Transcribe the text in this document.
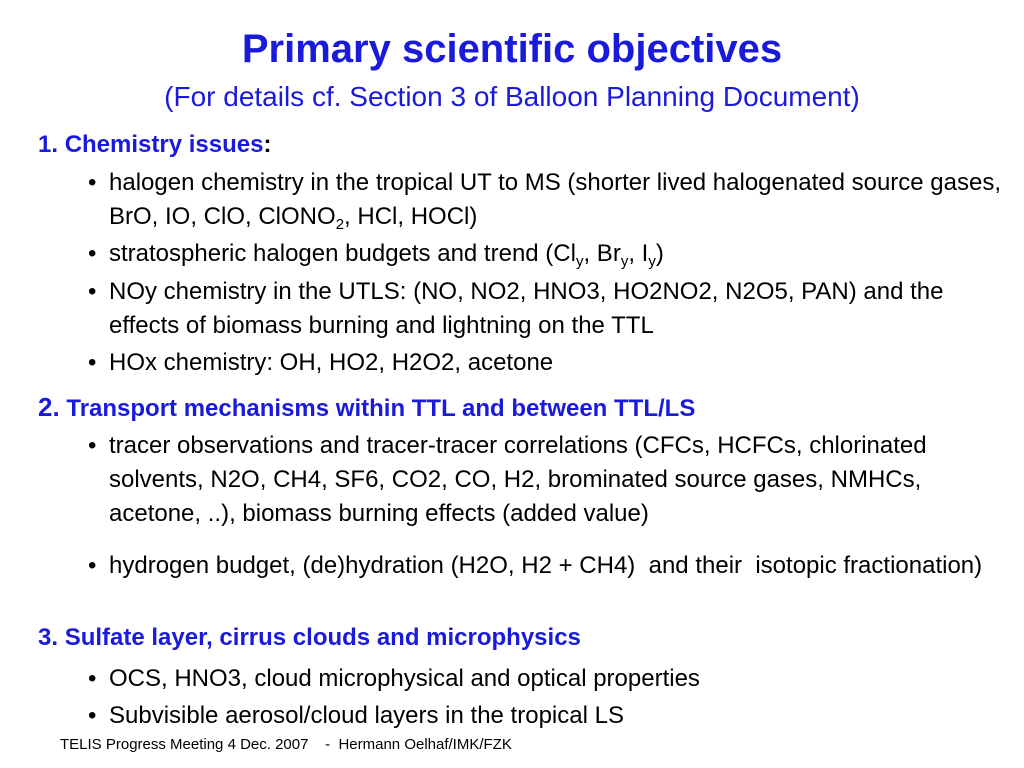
Primary scientific objectives
(For details cf. Section 3 of Balloon Planning Document)
1. Chemistry issues:
• halogen chemistry in the tropical UT to MS (shorter lived halogenated source gases, BrO, IO, ClO, ClONO$_2$, HCl, HOCl)
• stratospheric halogen budgets and trend ($Cl_y$, $Br_y$, $I_y$)
• NOy chemistry in the UTLS: (NO, NO2, HNO3, HO2NO2, N2O5, PAN) and the effects of biomass burning and lightning on the TTL
• HOx chemistry: OH, HO2, H2O2, acetone
2. Transport mechanisms within TTL and between TTL/LS
• tracer observations and tracer-tracer correlations (CFCs, HCFCs, chlorinated solvents, N2O, CH4, SF6, CO2, CO, H2, brominated source gases, NMHCs, acetone, ..), biomass burning effects (added value)
• hydrogen budget, (de)hydration (H2O, H2 + CH4)  and their  isotopic fractionation)
3. Sulfate layer, cirrus clouds and microphysics
• OCS, HNO3, cloud microphysical and optical properties
• Subvisible aerosol/cloud layers in the tropical LS
TELIS Progress Meeting 4 Dec. 2007    -  Hermann Oelhaf/IMK/FZK
